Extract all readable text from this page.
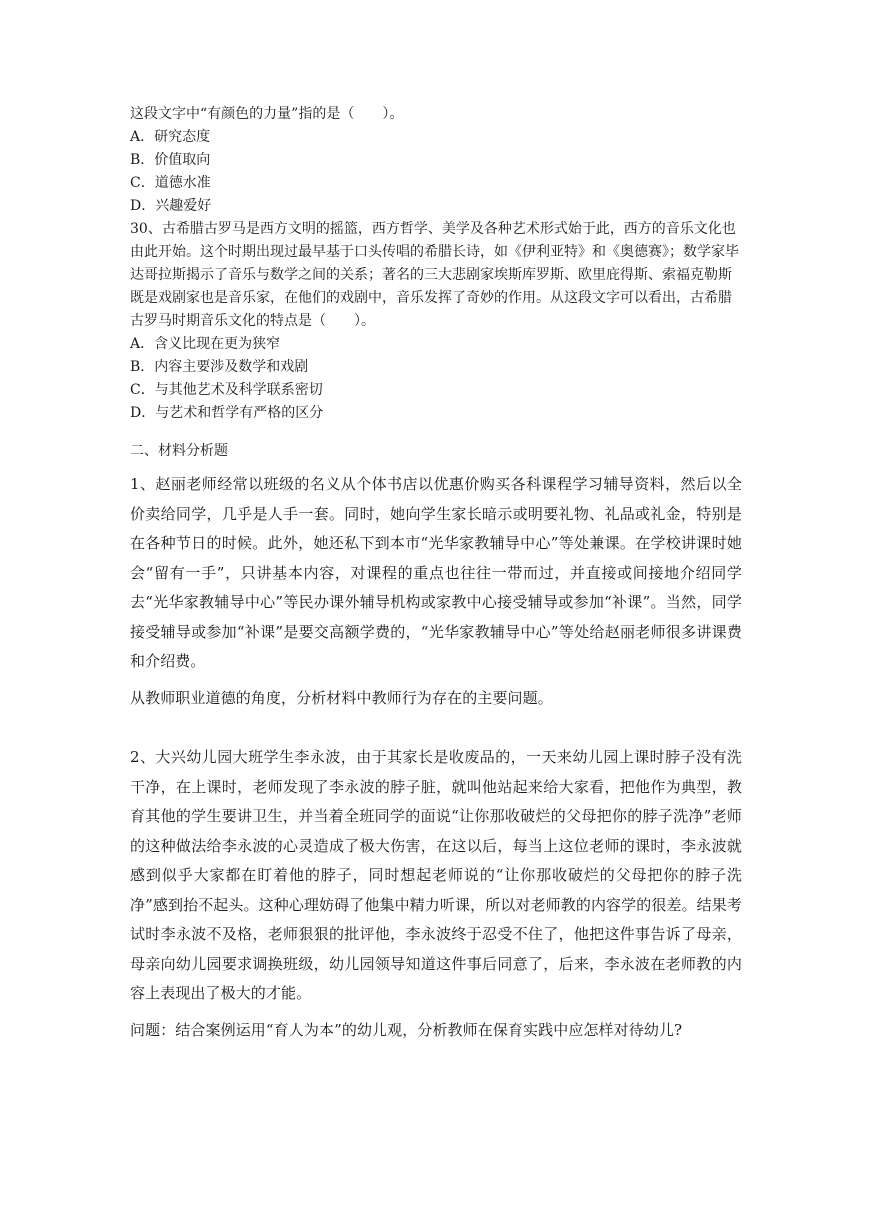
这段文字中“有颜色的力量”指的是（　　）。

A．研究态度

B．价值取向

C．道德水准

D．兴趣爱好

30、古希腊古罗马是西方文明的摇篮，西方哲学、美学及各种艺术形式始于此，西方的音乐文化也由此开始。这个时期出现过最早基于口头传唱的希腊长诗，如《伊利亚特》和《奥德赛》；数学家毕达哥拉斯揭示了音乐与数学之间的关系；著名的三大悲剧家埃斯库罗斯、欧里庇得斯、索福克勒斯既是戏剧家也是音乐家，在他们的戏剧中，音乐发挥了奇妙的作用。从这段文字可以看出，古希腊古罗马时期音乐文化的特点是（　　）。

A．含义比现在更为狭窄

B．内容主要涉及数学和戏剧

C．与其他艺术及科学联系密切

D．与艺术和哲学有严格的区分

二、材料分析题

1、赵丽老师经常以班级的名义从个体书店以优惠价购买各科课程学习辅导资料，然后以全价卖给同学，几乎是人手一套。同时，她向学生家长暗示或明要礼物、礼品或礼金，特别是在各种节日的时候。此外，她还私下到本市“光华家教辅导中心”等处兼课。在学校讲课时她会“留有一手”，只讲基本内容，对课程的重点也往往一带而过，并直接或间接地介绍同学去“光华家教辅导中心”等民办课外辅导机构或家教中心接受辅导或参加“补课”。当然，同学接受辅导或参加“补课”是要交高额学费的，“光华家教辅导中心”等处给赵丽老师很多讲课费和介绍费。

从教师职业道德的角度，分析材料中教师行为存在的主要问题。

2、大兴幼儿园大班学生李永波，由于其家长是收废品的，一天来幼儿园上课时脖子没有洗干净，在上课时，老师发现了李永波的脖子脏，就叫他站起来给大家看，把他作为典型，教育其他的学生要讲卫生，并当着全班同学的面说“让你那收破烂的父母把你的脖子洗净”老师的这种做法给李永波的心灵造成了极大伤害，在这以后，每当上这位老师的课时，李永波就感到似乎大家都在盯着他的脖子，同时想起老师说的“让你那收破烂的父母把你的脖子洗净”感到抬不起头。这种心理妨碍了他集中精力听课，所以对老师教的内容学的很差。结果考试时李永波不及格，老师狠狠的批评他，李永波终于忍受不住了，他把这件事告诉了母亲，母亲向幼儿园要求调换班级，幼儿园领导知道这件事后同意了，后来，李永波在老师教的内容上表现出了极大的才能。

问题：结合案例运用“育人为本”的幼儿观，分析教师在保育实践中应怎样对待幼儿?
